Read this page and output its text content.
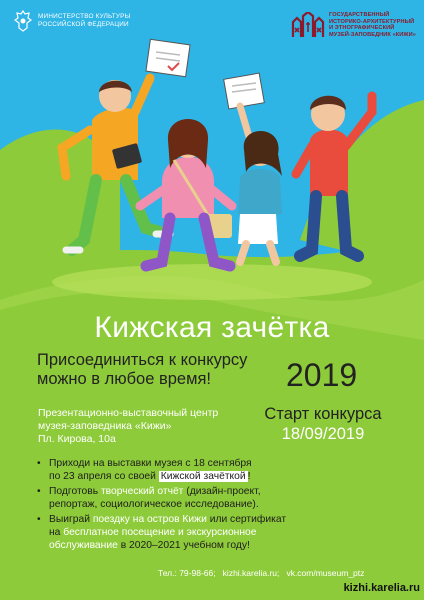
МИНИСТЕРСТВО КУЛЬТУРЫ
РОССИЙСКОЙ ФЕДЕРАЦИИ
ГОСУДАРСТВЕННЫЙ
ИСТОРИКО-АРХИТЕКТУРНЫЙ
И ЭТНОГРАФИЧЕСКИЙ
МУЗЕЙ-ЗАПОВЕДНИК «КИЖИ»
Кижская зачётка
Присоединиться к конкурсу
можно в любое время!	2019
Презентационно-выставочный центр
музея-заповедника «Кижи»
Пл. Кирова, 10а
Старт конкурса
18/09/2019
• Приходи на выставки музея с 18 сентября
по 23 апреля со своей Кижской зачёткой !
• Подготовь творческий отчёт (дизайн-проект,
репортаж, социологическое исследование).
• Выиграй поездку на остров Кижи или сертификат
на бесплатное посещение и экскурсионное
обслуживание в 2020–2021 учебном году!
Тел.: 79-98-66;   kizhi.karelia.ru;   vk.com/museum_ptz
kizhi.karelia.ru
